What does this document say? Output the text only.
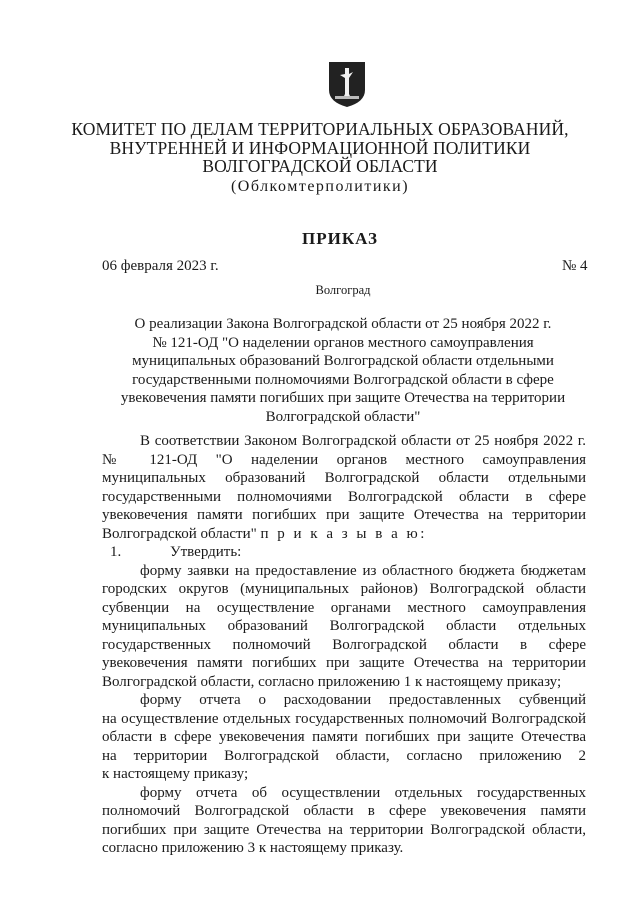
КОМИТЕТ ПО ДЕЛАМ ТЕРРИТОРИАЛЬНЫХ ОБРАЗОВАНИЙ,
ВНУТРЕННЕЙ И ИНФОРМАЦИОННОЙ ПОЛИТИКИ
ВОЛГОГРАДСКОЙ ОБЛАСТИ
(Облкомтерполитики)
ПРИКАЗ
06 февраля 2023 г.	№ 4
Волгоград
О реализации Закона Волгоградской области от 25 ноября 2022 г.
№ 121-ОД "О наделении органов местного самоуправления
муниципальных образований Волгоградской области отдельными
государственными полномочиями Волгоградской области в сфере
увековечения памяти погибших при защите Отечества на территории
Волгоградской области"

В соответствии Законом Волгоградской области от 25 ноября 2022 г.

№ 121-ОД "О наделении органов местного самоуправления

муниципальных образований Волгоградской области отдельными

государственными полномочиями Волгоградской области в сфере

увековечения памяти погибших при защите Отечества на территории

Волгоградской области" п р и к а з ы в а ю:

1.	Утвердить:

форму заявки на предоставление из областного бюджета бюджетам

городских округов (муниципальных районов) Волгоградской области

субвенции на осуществление органами местного самоуправления

муниципальных образований Волгоградской области отдельных

государственных полномочий Волгоградской области в сфере

увековечения памяти погибших при защите Отечества на территории

Волгоградской области, согласно приложению 1 к настоящему приказу;

форму отчета о расходовании предоставленных субвенций

на осуществление отдельных государственных полномочий Волгоградской

области в сфере увековечения памяти погибших при защите Отечества

на территории Волгоградской области, согласно приложению 2

к настоящему приказу;

форму отчета об осуществлении отдельных государственных

полномочий Волгоградской области в сфере увековечения памяти

погибших при защите Отечества на территории Волгоградской области,

согласно приложению 3 к настоящему приказу.
